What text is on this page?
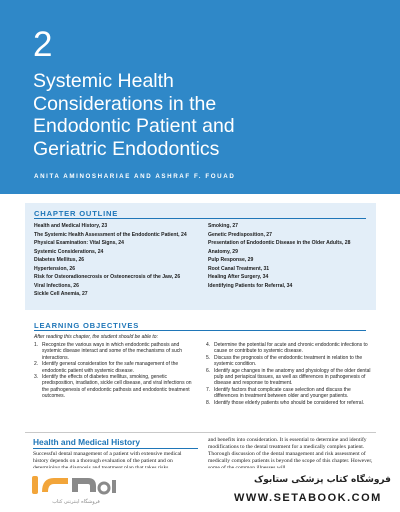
2
Systemic Health
Considerations in the
Endodontic Patient and
Geriatric Endodontics
ANITA AMINOSHARIAE AND ASHRAF F. FOUAD
CHAPTER OUTLINE
Health and Medical History, 23
The Systemic Health Assessment of the Endodontic Patient, 24
Physical Examination: Vital Signs, 24
Systemic Considerations, 24
Diabetes Mellitus, 26
Hypertension, 26
Risk for Osteoradionecrosis or Osteonecrosis of the Jaw, 26
Viral Infections, 26
Sickle Cell Anemia, 27
Smoking, 27
Genetic Predisposition, 27
Presentation of Endodontic Disease in the Older Adults, 28
Anatomy, 29
Pulp Response, 29
Root Canal Treatment, 31
Healing After Surgery, 34
Identifying Patients for Referral, 34
LEARNING OBJECTIVES
After reading this chapter, the student should be able to:
1. Recognize the various ways in which endodontic pathosis and systemic disease interact and some of the mechanisms of such interactions.
2. Identify general consideration for the safe management of the endodontic patient with systemic disease.
3. Identify the effects of diabetes mellitus, smoking, genetic predisposition, irradiation, sickle cell disease, and viral infections on the pathogenesis of endodontic pathosis and endodontic treatment outcomes.
4. Determine the potential for acute and chronic endodontic infections to cause or contribute to systemic disease.
5. Discuss the prognosis of the endodontic treatment in relation to the systemic condition.
6. Identify age changes in the anatomy and physiology of the older dental pulp and periapical tissues, as well as differences in pathogenesis of disease and response to treatment.
7. Identify factors that complicate case selection and discuss the differences in treatment between older and younger patients.
8. Identify those elderly patients who should be considered for referral.
Health and Medical History
Successful dental management of a patient with extensive medical history depends on a thorough evaluation of the patient and on
and benefits into consideration. It is essential to determine and identify modifications to the dental treatment for a medically complex patient. Thorough discussion of the dental management and risk assessment of medically complex patients is beyond the scope of this chapter. However,
فروشگاه اینترنتی کتاب
فروشگاه کتاب پزشکی ستابوک
WWW.SETABOOK.COM
